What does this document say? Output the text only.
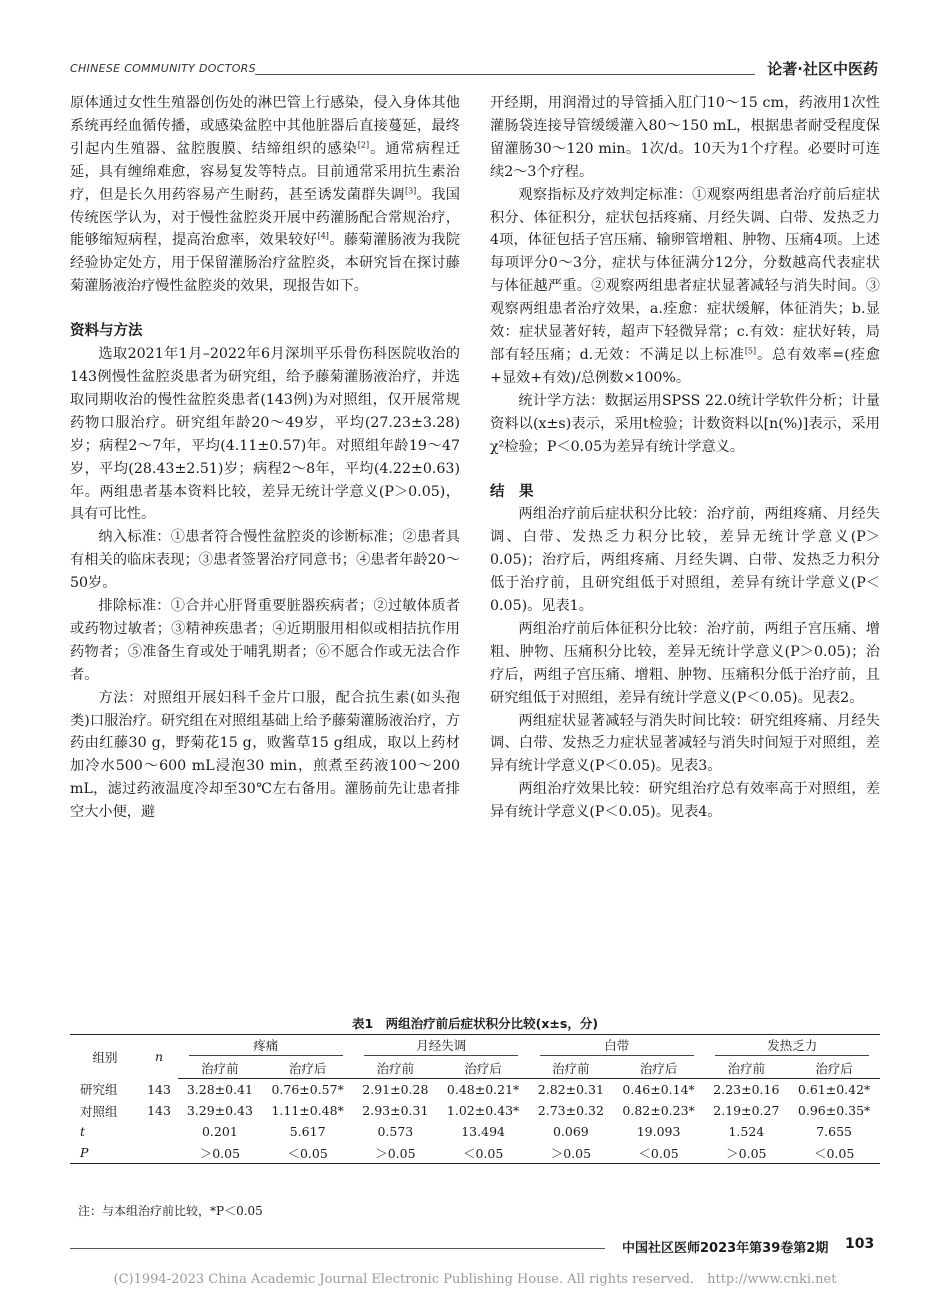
CHINESE COMMUNITY DOCTORS	论著·社区中医药

原体通过女性生殖器创伤处的淋巴管上行感染，侵入身体其他系统再经血循传播，或感染盆腔中其他脏器后直接蔓延，最终引起内生殖器、盆腔腹膜、结缔组织的感染[2]。通常病程迁延，具有缠绵难愈，容易复发等特点。目前通常采用抗生素治疗，但是长久用药容易产生耐药，甚至诱发菌群失调[3]。我国传统医学认为，对于慢性盆腔炎开展中药灌肠配合常规治疗，能够缩短病程，提高治愈率，效果较好[4]。藤菊灌肠液为我院经验协定处方，用于保留灌肠治疗盆腔炎，本研究旨在探讨藤菊灌肠液治疗慢性盆腔炎的效果，现报告如下。

资料与方法

选取2021年1月–2022年6月深圳平乐骨伤科医院收治的143例慢性盆腔炎患者为研究组，给予藤菊灌肠液治疗，并选取同期收治的慢性盆腔炎患者(143例)为对照组，仅开展常规药物口服治疗。研究组年龄20～49岁，平均(27.23±3.28)岁；病程2～7年，平均(4.11±0.57)年。对照组年龄19～47岁，平均(28.43±2.51)岁；病程2～8年，平均(4.22±0.63)年。两组患者基本资料比较，差异无统计学意义(P＞0.05)，具有可比性。

纳入标准：①患者符合慢性盆腔炎的诊断标准；②患者具有相关的临床表现；③患者签署治疗同意书；④患者年龄20～50岁。

排除标准：①合并心肝肾重要脏器疾病者；②过敏体质者或药物过敏者；③精神疾患者；④近期服用相似或相拮抗作用药物者；⑤准备生育或处于哺乳期者；⑥不愿合作或无法合作者。

方法：对照组开展妇科千金片口服，配合抗生素(如头孢类)口服治疗。研究组在对照组基础上给予藤菊灌肠液治疗，方药由红藤30 g，野菊花15 g，败酱草15 g组成，取以上药材加冷水500～600 mL浸泡30 min，煎煮至药液100～200 mL，滤过药液温度冷却至30℃左右备用。灌肠前先让患者排空大小便，避

开经期，用润滑过的导管插入肛门10～15 cm，药液用1次性灌肠袋连接导管缓缓灌入80～150 mL，根据患者耐受程度保留灌肠30～120 min。1次/d。10天为1个疗程。必要时可连续2～3个疗程。

观察指标及疗效判定标准：①观察两组患者治疗前后症状积分、体征积分，症状包括疼痛、月经失调、白带、发热乏力4项，体征包括子宫压痛、输卵管增粗、肿物、压痛4项。上述每项评分0～3分，症状与体征满分12分，分数越高代表症状与体征越严重。②观察两组患者症状显著减轻与消失时间。③观察两组患者治疗效果，a.痊愈：症状缓解，体征消失；b.显效：症状显著好转，超声下轻微异常；c.有效：症状好转，局部有轻压痛；d.无效：不满足以上标准[5]。总有效率=(痊愈+显效+有效)/总例数×100%。

统计学方法：数据运用SPSS 22.0统计学软件分析；计量资料以(x±s)表示，采用t检验；计数资料以[n(%)]表示，采用χ²检验；P＜0.05为差异有统计学意义。

结　果

两组治疗前后症状积分比较：治疗前，两组疼痛、月经失调、白带、发热乏力积分比较，差异无统计学意义(P＞0.05)；治疗后，两组疼痛、月经失调、白带、发热乏力积分低于治疗前，且研究组低于对照组，差异有统计学意义(P＜0.05)。见表1。

两组治疗前后体征积分比较：治疗前，两组子宫压痛、增粗、肿物、压痛积分比较，差异无统计学意义(P＞0.05)；治疗后，两组子宫压痛、增粗、肿物、压痛积分低于治疗前，且研究组低于对照组，差异有统计学意义(P＜0.05)。见表2。

两组症状显著减轻与消失时间比较：研究组疼痛、月经失调、白带、发热乏力症状显著减轻与消失时间短于对照组，差异有统计学意义(P＜0.05)。见表3。

两组治疗效果比较：研究组治疗总有效率高于对照组，差异有统计学意义(P＜0.05)。见表4。

表1　两组治疗前后症状积分比较(x±s，分)
组别	n	疼痛		月经失调		白带		发热乏力	
		治疗前	治疗后	治疗前	治疗后	治疗前	治疗后	治疗前	治疗后
研究组	143	3.28±0.41	0.76±0.57*	2.91±0.28	0.48±0.21*	2.82±0.31	0.46±0.14*	2.23±0.16	0.61±0.42*
对照组	143	3.29±0.43	1.11±0.48*	2.93±0.31	1.02±0.43*	2.73±0.32	0.82±0.23*	2.19±0.27	0.96±0.35*
t		0.201	5.617	0.573	13.494	0.069	19.093	1.524	7.655
P		＞0.05	＜0.05	＞0.05	＜0.05	＞0.05	＜0.05	＞0.05	＜0.05
注：与本组治疗前比较，*P＜0.05
中国社区医师2023年第39卷第2期 103
(C)1994-2023 China Academic Journal Electronic Publishing House. All rights reserved.　http://www.cnki.net
